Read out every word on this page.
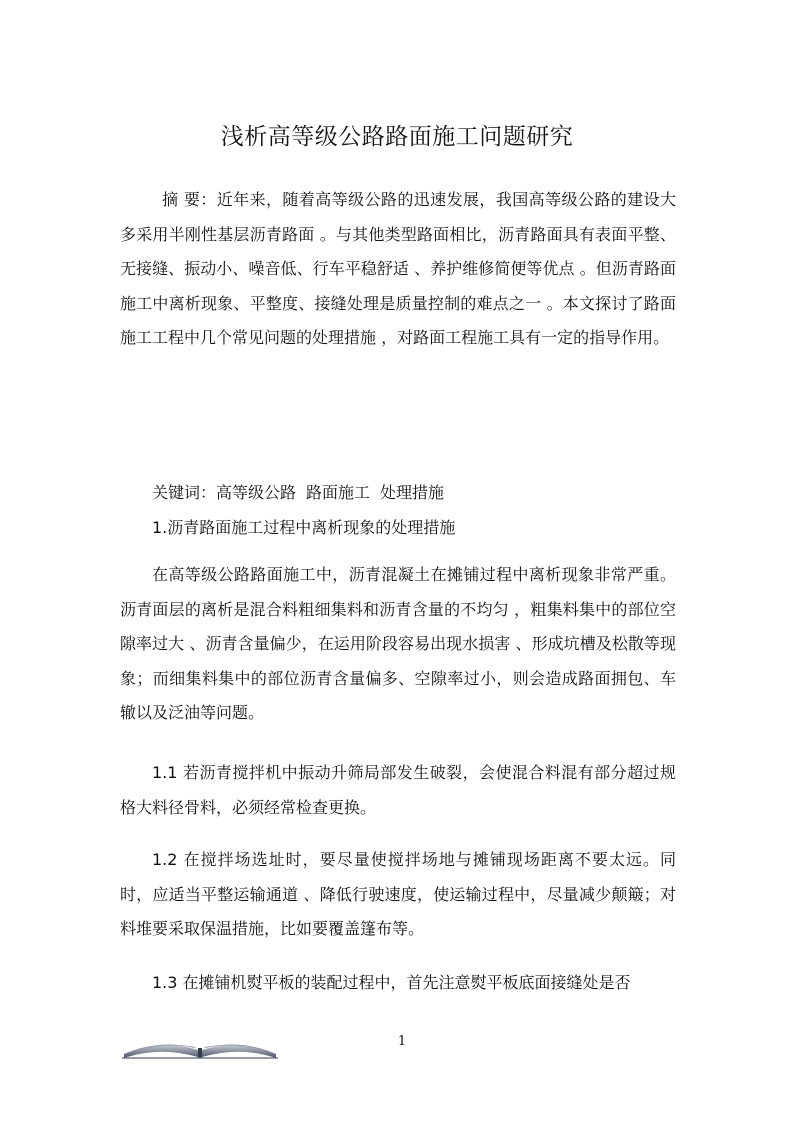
浅析高等级公路路面施工问题研究

摘 要：近年来，随着高等级公路的迅速发展，我国高等级公路的建设大多采用半刚性基层沥青路面 。与其他类型路面相比，沥青路面具有表面平整、无接缝、振动小、噪音低、行车平稳舒适 、养护维修简便等优点 。但沥青路面施工中离析现象、平整度、接缝处理是质量控制的难点之一 。本文探讨了路面施工工程中几个常见问题的处理措施 ，对路面工程施工具有一定的指导作用。

关键词：高等级公路 路面施工 处理措施

1.沥青路面施工过程中离析现象的处理措施

在高等级公路路面施工中，沥青混凝土在摊铺过程中离析现象非常严重。沥青面层的离析是混合料粗细集料和沥青含量的不均匀 ，粗集料集中的部位空隙率过大 、沥青含量偏少，在运用阶段容易出现水损害 、形成坑槽及松散等现象；而细集料集中的部位沥青含量偏多、空隙率过小，则会造成路面拥包、车辙以及泛油等问题。

1.1 若沥青搅拌机中振动升筛局部发生破裂，会使混合料混有部分超过规格大料径骨料，必须经常检查更换。

1.2 在搅拌场选址时，要尽量使搅拌场地与摊铺现场距离不要太远。同时，应适当平整运输通道 、降低行驶速度，使运输过程中，尽量减少颠簸；对料堆要采取保温措施，比如要覆盖篷布等。

1.3 在摊铺机熨平板的装配过程中，首先注意熨平板底面接缝处是否

1
